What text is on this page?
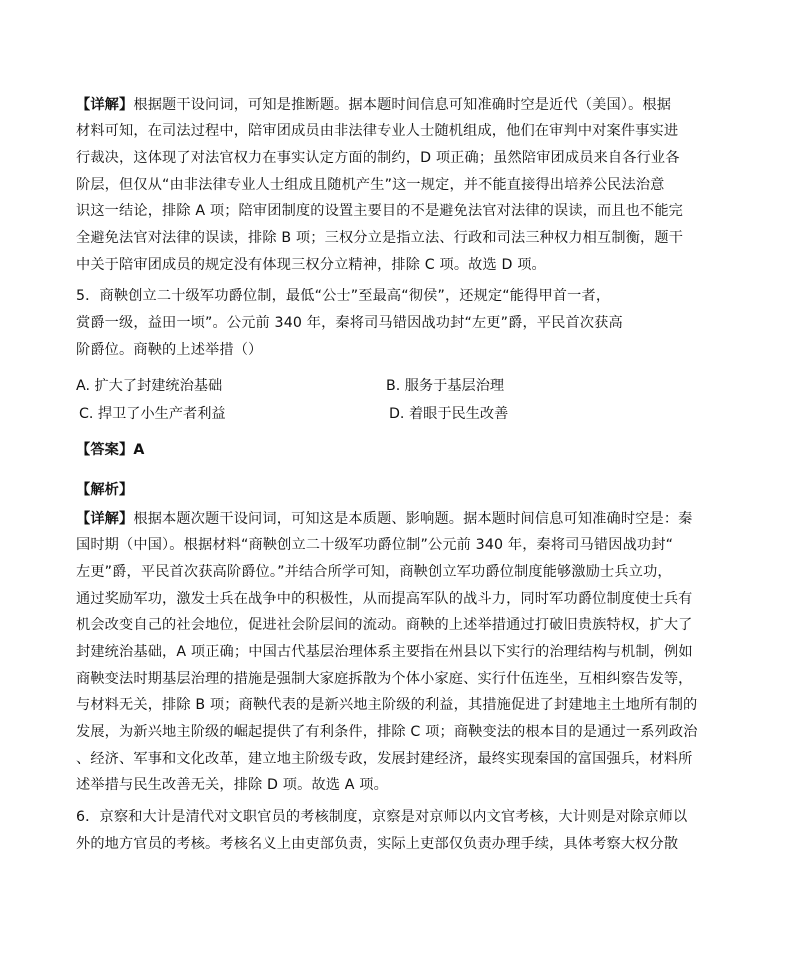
【详解】根据题干设问词，可知是推断题。据本题时间信息可知准确时空是近代（美国）。根据
材料可知，在司法过程中，陪审团成员由非法律专业人士随机组成，他们在审判中对案件事实进
行裁决，这体现了对法官权力在事实认定方面的制约，D 项正确；虽然陪审团成员来自各行业各
阶层，但仅从“由非法律专业人士组成且随机产生”这一规定，并不能直接得出培养公民法治意
识这一结论，排除 A 项；陪审团制度的设置主要目的不是避免法官对法律的误读，而且也不能完
全避免法官对法律的误读，排除 B 项；三权分立是指立法、行政和司法三种权力相互制衡，题干
中关于陪审团成员的规定没有体现三权分立精神，排除 C 项。故选 D 项。
5．商鞅创立二十级军功爵位制，最低“公士”至最高“彻侯”，还规定“能得甲首一者，
赏爵一级，益田一顷”。公元前 340 年，秦将司马错因战功封“左更”爵，平民首次获高
阶爵位。商鞅的上述举措（）
A. 扩大了封建统治基础	B. 服务于基层治理
C. 捍卫了小生产者利益	D. 着眼于民生改善
【答案】A
【解析】
【详解】根据本题次题干设问词，可知这是本质题、影响题。据本题时间信息可知准确时空是：秦
国时期（中国）。根据材料“商鞅创立二十级军功爵位制”公元前 340 年，秦将司马错因战功封“
左更”爵，平民首次获高阶爵位。”并结合所学可知，商鞅创立军功爵位制度能够激励士兵立功，
通过奖励军功，激发士兵在战争中的积极性，从而提高军队的战斗力，同时军功爵位制度使士兵有
机会改变自己的社会地位，促进社会阶层间的流动。商鞅的上述举措通过打破旧贵族特权，扩大了
封建统治基础，A 项正确；中国古代基层治理体系主要指在州县以下实行的治理结构与机制，例如
商鞅变法时期基层治理的措施是强制大家庭拆散为个体小家庭、实行什伍连坐，互相纠察告发等，
与材料无关，排除 B 项；商鞅代表的是新兴地主阶级的利益，其措施促进了封建地主土地所有制的
发展，为新兴地主阶级的崛起提供了有利条件，排除 C 项；商鞅变法的根本目的是通过一系列政治
、经济、军事和文化改革，建立地主阶级专政，发展封建经济，最终实现秦国的富国强兵，材料所
述举措与民生改善无关，排除 D 项。故选 A 项。
6．京察和大计是清代对文职官员的考核制度，京察是对京师以内文官考核，大计则是对除京师以
外的地方官员的考核。考核名义上由吏部负责，实际上吏部仅负责办理手续，具体考察大权分散
